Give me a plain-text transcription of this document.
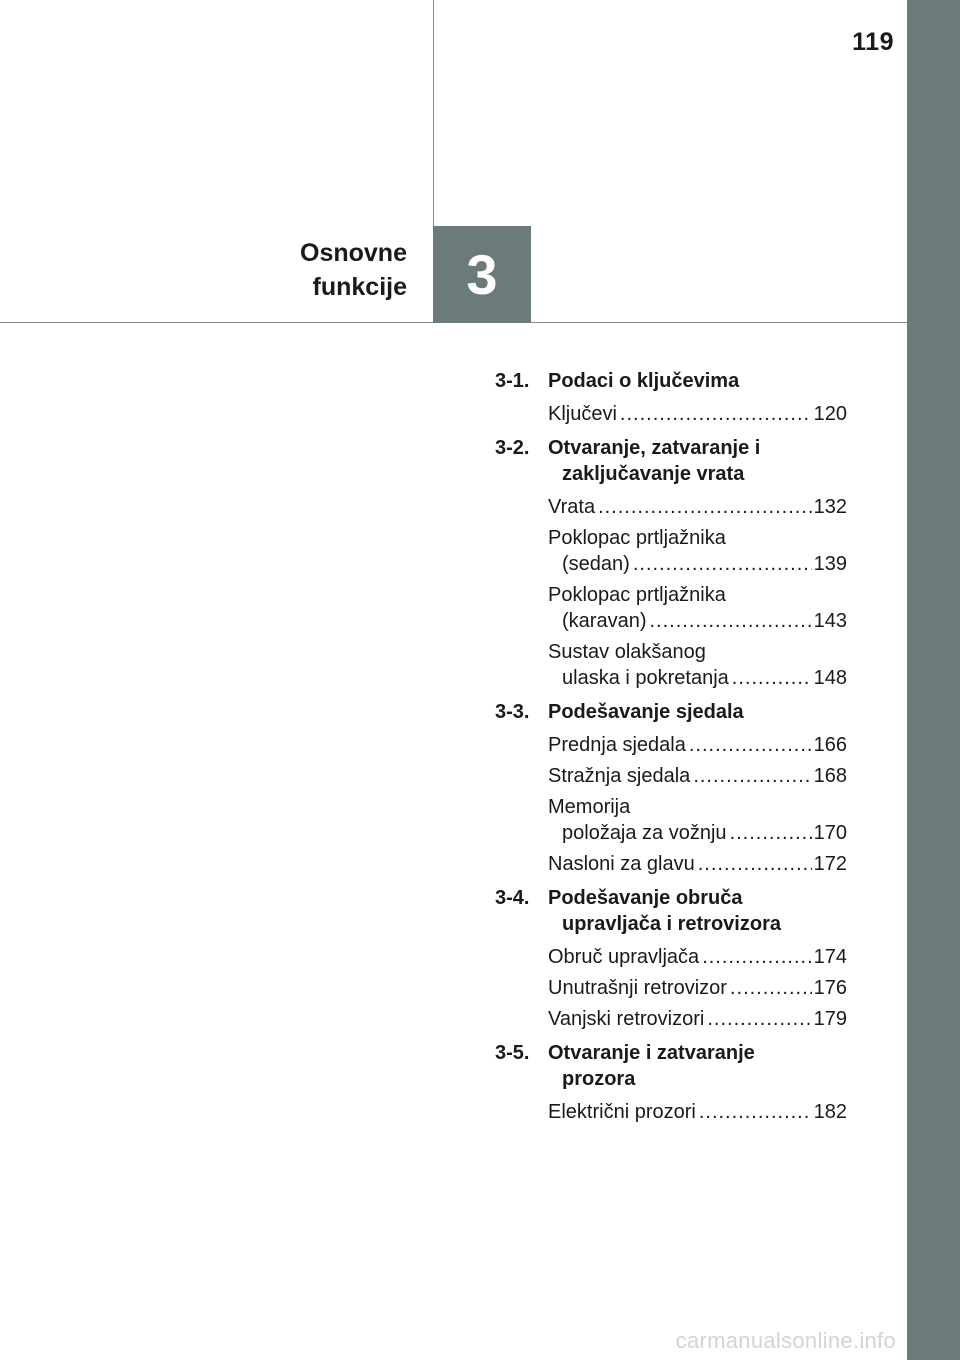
119
3
Osnovne
funkcije
3-1. Podaci o ključevima
Ključevi .....	120
3-2. Otvaranje, zatvaranje i
zaključavanje vrata
Vrata .....	132
Poklopac prtljažnika
(sedan) .....	139
Poklopac prtljažnika
(karavan) .....	143
Sustav olakšanog
ulaska i pokretanja .....	148
3-3. Podešavanje sjedala
Prednja sjedala .....	166
Stražnja sjedala .....	168
Memorija
položaja za vožnju .....	170
Nasloni za glavu .....	172
3-4. Podešavanje obruča
upravljača i retrovizora
Obruč upravljača .....	174
Unutrašnji retrovizor .....	176
Vanjski retrovizori .....	179
3-5. Otvaranje i zatvaranje
prozora
Električni prozori .....	182
carmanualsonline.info
